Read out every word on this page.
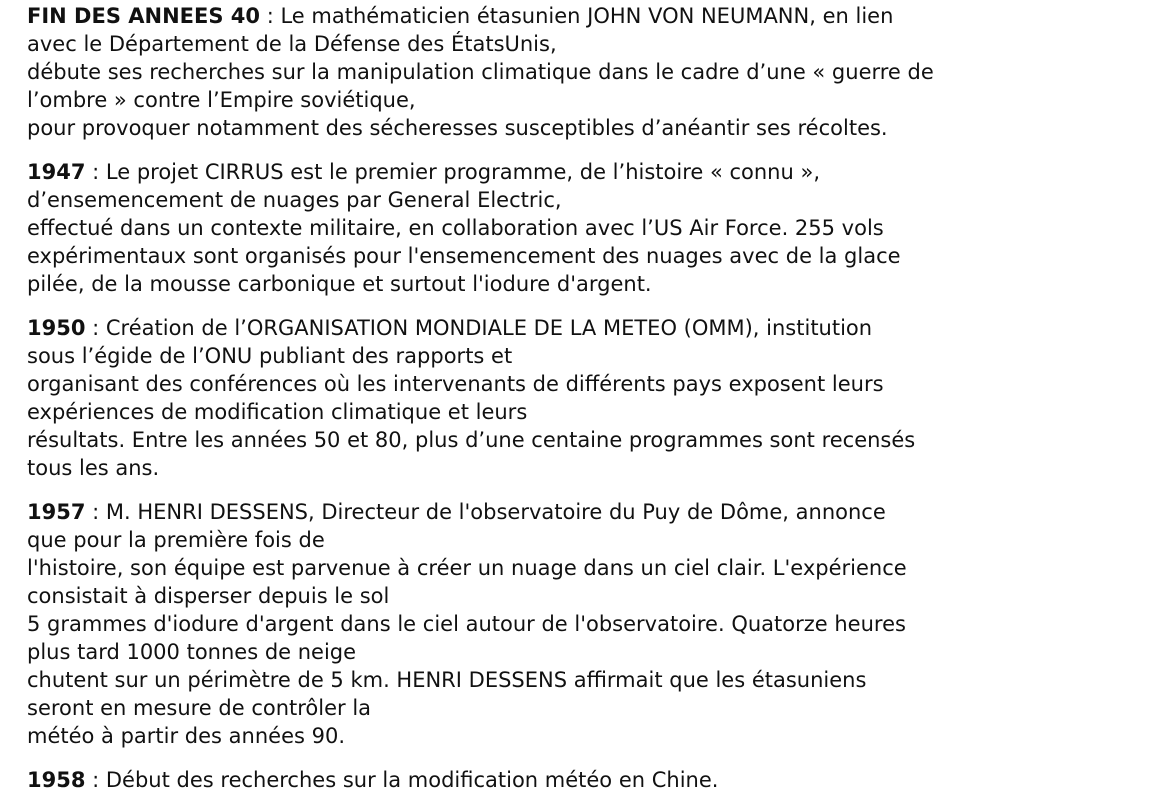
FIN DES ANNEES 40 : Le mathématicien étasunien JOHN VON NEUMANN, en lien
avec le Département de la Défense des ÉtatsUnis,
débute ses recherches sur la manipulation climatique dans le cadre d’une « guerre de
l’ombre » contre l’Empire soviétique,
pour provoquer notamment des sécheresses susceptibles d’anéantir ses récoltes.
1947 : Le projet CIRRUS est le premier programme, de l’histoire « connu »,
d’ensemencement de nuages par General Electric,
effectué dans un contexte militaire, en collaboration avec l’US Air Force. 255 vols
expérimentaux sont organisés pour l'ensemencement des nuages avec de la glace
pilée, de la mousse carbonique et surtout l'iodure d'argent.
1950 : Création de l’ORGANISATION MONDIALE DE LA METEO (OMM), institution
sous l’égide de l’ONU publiant des rapports et
organisant des conférences où les intervenants de différents pays exposent leurs
expériences de modification climatique et leurs
résultats. Entre les années 50 et 80, plus d’une centaine programmes sont recensés
tous les ans.
1957 : M. HENRI DESSENS, Directeur de l'observatoire du Puy de Dôme, annonce
que pour la première fois de
l'histoire, son équipe est parvenue à créer un nuage dans un ciel clair. L'expérience
consistait à disperser depuis le sol
5 grammes d'iodure d'argent dans le ciel autour de l'observatoire. Quatorze heures
plus tard 1000 tonnes de neige
chutent sur un périmètre de 5 km. HENRI DESSENS affirmait que les étasuniens
seront en mesure de contrôler la
météo à partir des années 90.
1958 : Début des recherches sur la modification météo en Chine.
